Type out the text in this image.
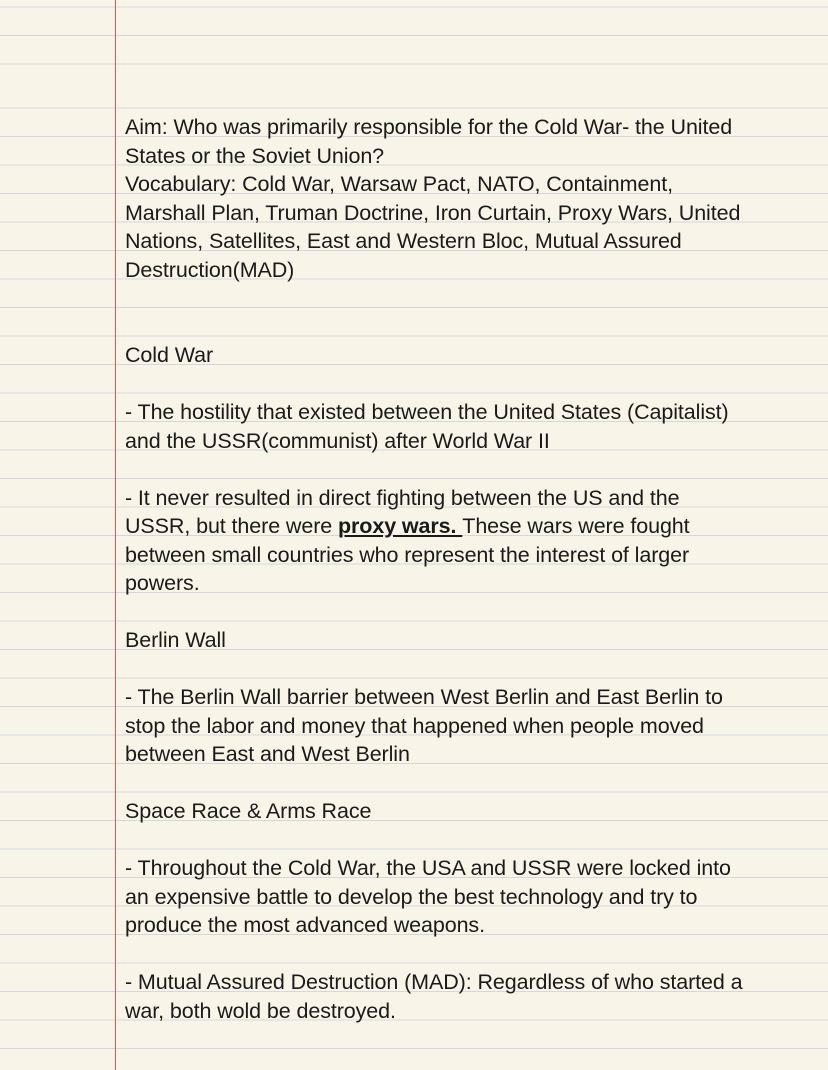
Aim: Who was primarily responsible for the Cold War- the United
States or the Soviet Union?
Vocabulary: Cold War, Warsaw Pact, NATO, Containment,
Marshall Plan, Truman Doctrine, Iron Curtain, Proxy Wars, United
Nations, Satellites, East and Western Bloc, Mutual Assured
Destruction(MAD)
Cold War
- The hostility that existed between the United States (Capitalist)
and the USSR(communist) after World War II
- It never resulted in direct fighting between the US and the
USSR, but there were proxy wars. These wars were fought
between small countries who represent the interest of larger
powers.
Berlin Wall
- The Berlin Wall barrier between West Berlin and East Berlin to
stop the labor and money that happened when people moved
between East and West Berlin
Space Race & Arms Race
- Throughout the Cold War, the USA and USSR were locked into
an expensive battle to develop the best technology and try to
produce the most advanced weapons.
- Mutual Assured Destruction (MAD): Regardless of who started a
war, both wold be destroyed.
